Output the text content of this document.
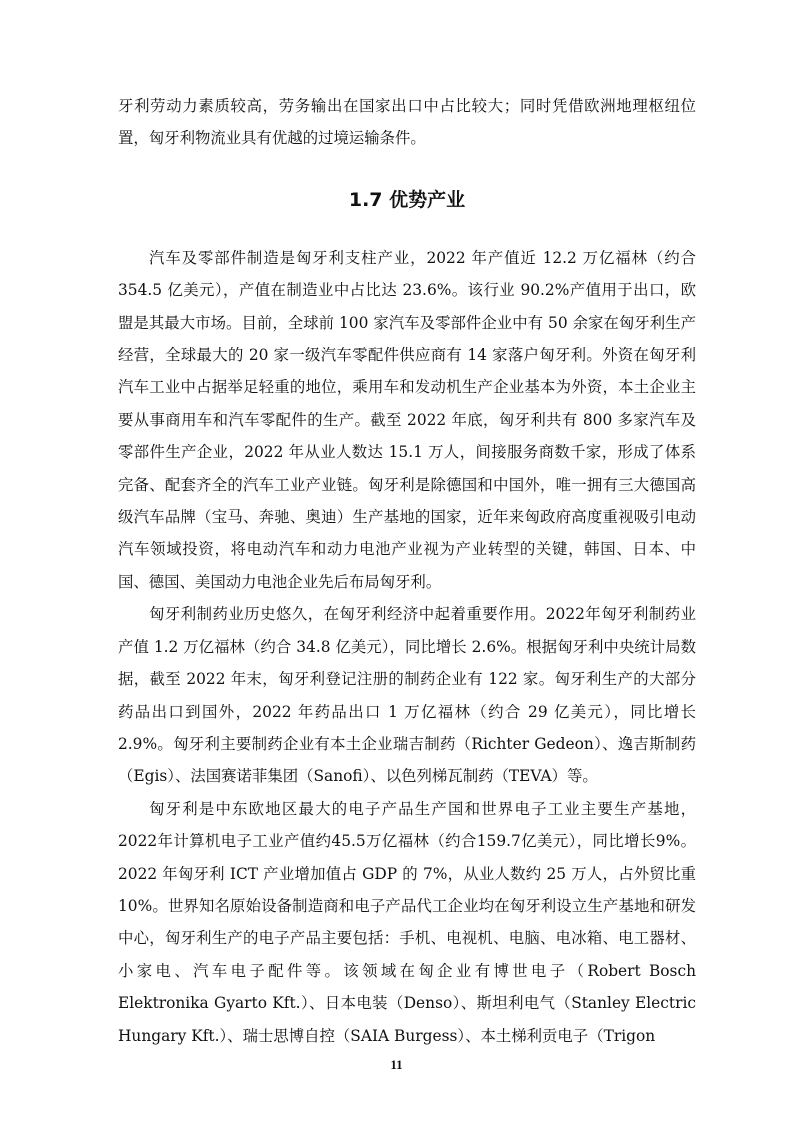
牙利劳动力素质较高，劳务输出在国家出口中占比较大；同时凭借欧洲地理枢纽位置，匈牙利物流业具有优越的过境运输条件。

1.7 优势产业

汽车及零部件制造是匈牙利支柱产业，2022 年产值近 12.2 万亿福林（约合 354.5 亿美元），产值在制造业中占比达 23.6%。该行业 90.2%产值用于出口，欧盟是其最大市场。目前，全球前 100 家汽车及零部件企业中有 50 余家在匈牙利生产经营，全球最大的 20 家一级汽车零配件供应商有 14 家落户匈牙利。外资在匈牙利汽车工业中占据举足轻重的地位，乘用车和发动机生产企业基本为外资，本土企业主要从事商用车和汽车零配件的生产。截至 2022 年底，匈牙利共有 800 多家汽车及零部件生产企业，2022 年从业人数达 15.1 万人，间接服务商数千家，形成了体系完备、配套齐全的汽车工业产业链。匈牙利是除德国和中国外，唯一拥有三大德国高级汽车品牌（宝马、奔驰、奥迪）生产基地的国家，近年来匈政府高度重视吸引电动汽车领域投资，将电动汽车和动力电池产业视为产业转型的关键，韩国、日本、中国、德国、美国动力电池企业先后布局匈牙利。

匈牙利制药业历史悠久，在匈牙利经济中起着重要作用。2022年匈牙利制药业产值 1.2 万亿福林（约合 34.8 亿美元），同比增长 2.6%。根据匈牙利中央统计局数据，截至 2022 年末，匈牙利登记注册的制药企业有 122 家。匈牙利生产的大部分药品出口到国外，2022 年药品出口 1 万亿福林（约合 29 亿美元），同比增长 2.9%。匈牙利主要制药企业有本土企业瑞吉制药（Richter Gedeon）、逸吉斯制药（Egis）、法国赛诺菲集团（Sanofi）、以色列梯瓦制药（TEVA）等。

匈牙利是中东欧地区最大的电子产品生产国和世界电子工业主要生产基地，2022年计算机电子工业产值约45.5万亿福林（约合159.7亿美元），同比增长9%。2022 年匈牙利 ICT 产业增加值占 GDP 的 7%，从业人数约 25 万人，占外贸比重 10%。世界知名原始设备制造商和电子产品代工企业均在匈牙利设立生产基地和研发中心，匈牙利生产的电子产品主要包括：手机、电视机、电脑、电冰箱、电工器材、小家电、汽车电子配件等。该领域在匈企业有博世电子（Robert Bosch Elektronika Gyarto Kft.）、日本电装（Denso）、斯坦利电气（Stanley Electric Hungary Kft.）、瑞士思博自控（SAIA Burgess）、本土梯利贡电子（Trigon

11
